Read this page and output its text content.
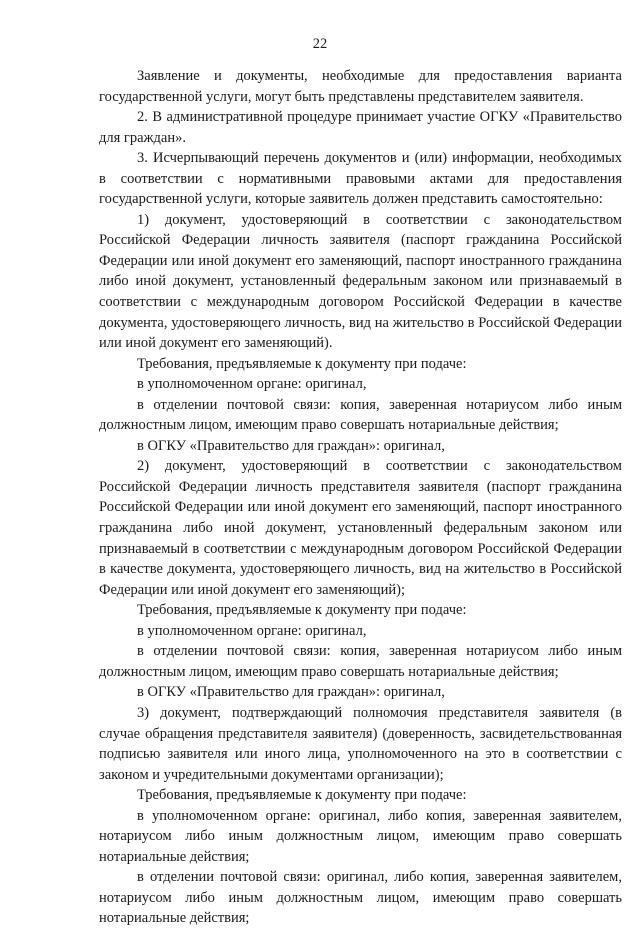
22

Заявление и документы, необходимые для предоставления варианта государственной услуги, могут быть представлены представителем заявителя.

2. В административной процедуре принимает участие ОГКУ «Правительство для граждан».

3. Исчерпывающий перечень документов и (или) информации, необходимых в соответствии с нормативными правовыми актами для предоставления государственной услуги, которые заявитель должен представить самостоятельно:

1) документ, удостоверяющий в соответствии с законодательством Российской Федерации личность заявителя (паспорт гражданина Российской Федерации или иной документ его заменяющий, паспорт иностранного гражданина либо иной документ, установленный федеральным законом или признаваемый в соответствии с международным договором Российской Федерации в качестве документа, удостоверяющего личность, вид на жительство в Российской Федерации или иной документ его заменяющий).

Требования, предъявляемые к документу при подаче:

в уполномоченном органе: оригинал,

в отделении почтовой связи: копия, заверенная нотариусом либо иным должностным лицом, имеющим право совершать нотариальные действия;

в ОГКУ «Правительство для граждан»: оригинал,

2) документ, удостоверяющий в соответствии с законодательством Российской Федерации личность представителя заявителя (паспорт гражданина Российской Федерации или иной документ его заменяющий, паспорт иностранного гражданина либо иной документ, установленный федеральным законом или признаваемый в соответствии с международным договором Российской Федерации в качестве документа, удостоверяющего личность, вид на жительство в Российской Федерации или иной документ его заменяющий);

Требования, предъявляемые к документу при подаче:

в уполномоченном органе: оригинал,

в отделении почтовой связи: копия, заверенная нотариусом либо иным должностным лицом, имеющим право совершать нотариальные действия;

в ОГКУ «Правительство для граждан»: оригинал,

3) документ, подтверждающий полномочия представителя заявителя (в случае обращения представителя заявителя) (доверенность, засвидетельствованная подписью заявителя или иного лица, уполномоченного на это в соответствии с законом и учредительными документами организации);

Требования, предъявляемые к документу при подаче:

в уполномоченном органе: оригинал, либо копия, заверенная заявителем, нотариусом либо иным должностным лицом, имеющим право совершать нотариальные действия;

в отделении почтовой связи: оригинал, либо копия, заверенная заявителем, нотариусом либо иным должностным лицом, имеющим право совершать нотариальные действия;
